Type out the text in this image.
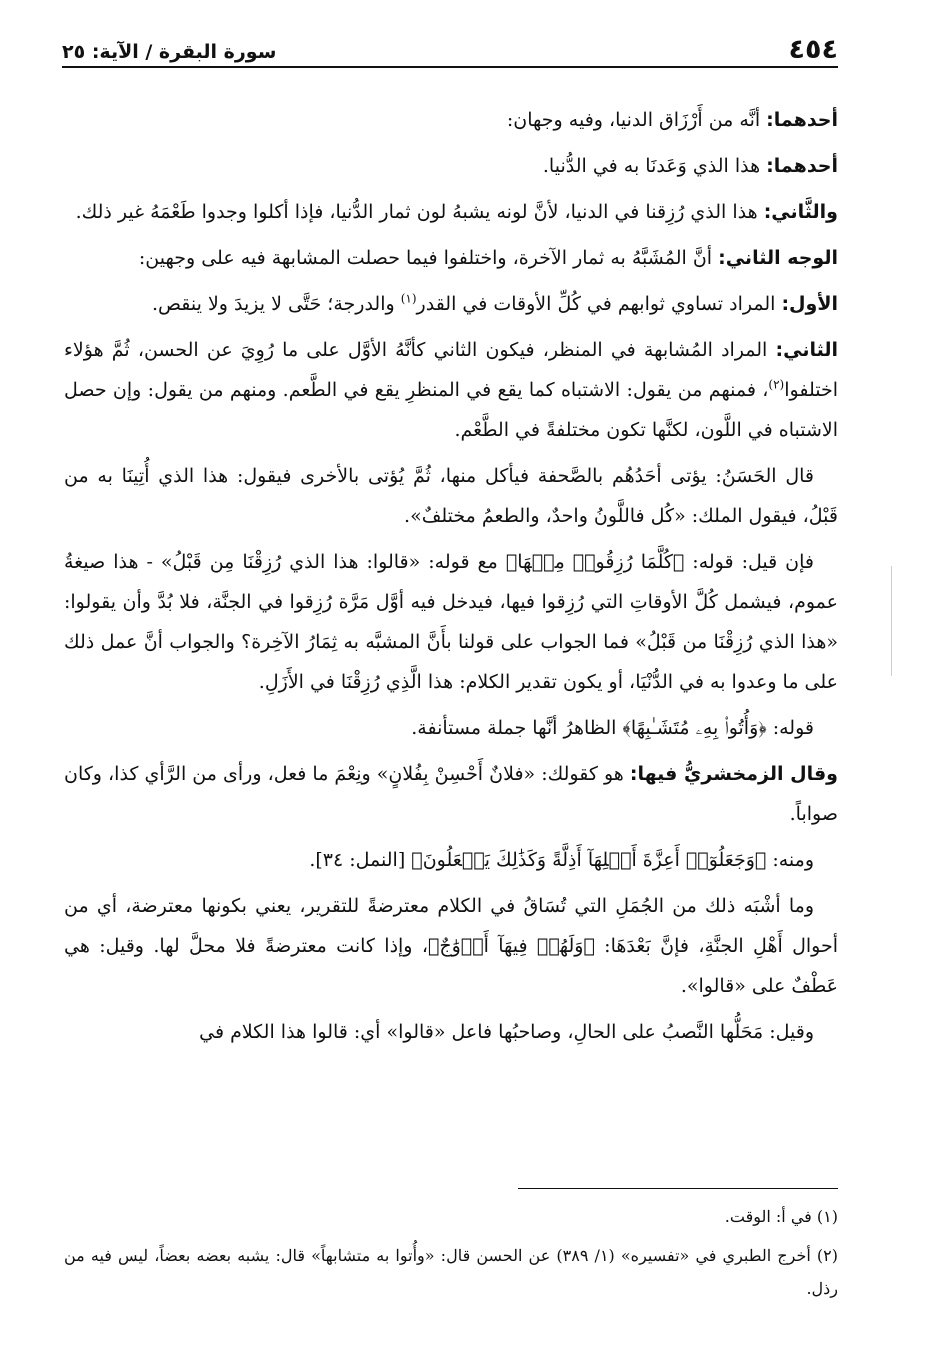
٤٥٤
سورة البقرة / الآية: ٢٥

أحدهما: أنَّه من أَرْزَاق الدنيا، وفيه وجهان:

أحدهما: هذا الذي وَعَدنَا به في الدُّنيا.

والثَّاني: هذا الذي رُزِقنا في الدنيا، لأنَّ لونه يشبهُ لون ثمار الدُّنيا، فإذا أكلوا وجدوا طَعْمَهُ غير ذلك.

الوجه الثاني: أنَّ المُشَبَّهُ به ثمار الآخرة، واختلفوا فيما حصلت المشابهة فيه على وجهين:

الأول: المراد تساوي ثوابهم في كُلِّ الأوقات في القدر$^{(١)}$ والدرجة؛ حَتَّى لا يزيدَ ولا ينقص.

الثاني: المراد المُشابهة في المنظر، فيكون الثاني كأنَّهُ الأوَّل على ما رُوِيَ عن الحسن، ثُمَّ هؤلاء اختلفوا$^{(٢)}$، فمنهم من يقول: الاشتباه كما يقع في المنظرِ يقع في الطَّعم. ومنهم من يقول: وإن حصل الاشتباه في اللَّون، لكنَّها تكون مختلفةً في الطَّعْم.

قال الحَسَنُ: يؤتى أحَدُهُم بالصَّحفة فيأكل منها، ثُمَّ يُؤتى بالأخرى فيقول: هذا الذي أُتِينَا به من قَبْلُ، فيقول الملك: «كُل فاللَّونُ واحدٌ، والطعمُ مختلفٌ».

فإن قيل: قوله: ﴿كُلَّمَا رُزِقُوا۟ مِنۡهَا﴾ مع قوله: «قالوا: هذا الذي رُزِقْنَا مِن قَبْلُ» - هذا صيغةُ عموم، فيشمل كُلَّ الأوقاتِ التي رُزِقوا فيها، فيدخل فيه أوَّل مَرَّة رُزِقوا في الجنَّة، فلا بُدَّ وأن يقولوا: «هذا الذي رُزِقْنَا من قَبْلُ» فما الجواب على قولنا بأَنَّ المشبَّه به ثِمَارُ الآخِرة؟ والجواب أنَّ عمل ذلك على ما وعدوا به في الدُّنْيَا، أو يكون تقدير الكلام: هذا الَّذِي رُزِقْنَا في الأَزَلِ.

قوله: ﴿وَأُتُوا۟ بِهِۦ مُتَشَـٰبِهًا﴾ الظاهرُ أنَّها جملة مستأنفة.

وقال الزمخشريُّ فيها: هو كقولك: «فلانٌ أَحْسِنْ بِفُلانٍ» ونِعْمَ ما فعل، ورأى من الرَّأي كذا، وكان صواباً.

ومنه: ﴿وَجَعَلُوٓا۟ أَعِزَّةَ أَهۡلِهَآ أَذِلَّةً وَكَذَٰلِكَ يَفۡعَلُونَ﴾ [النمل: ٣٤].

وما أشْبَه ذلك من الجُمَلِ التي تُسَاقُ في الكلام معترضةً للتقرير، يعني بكونها معترضة، أي من أحوال أَهْلِ الجنَّةِ، فإنَّ بَعْدَهَا: ﴿وَلَهُمۡ فِيهَآ أَزۡوَٰجٌ﴾، وإذا كانت معترضةً فلا محلَّ لها. وقيل: هي عَطْفٌ على «قالوا».

وقيل: مَحَلُّها النَّصبُ على الحالِ، وصاحبُها فاعل «قالوا» أي: قالوا هذا الكلام في

(١) في أ: الوقت.

(٢) أخرج الطبري في «تفسيره» (١/ ٣٨٩) عن الحسن قال: «وأُتوا به متشابهاً» قال: يشبه بعضه بعضاً، ليس فيه من رذل.
